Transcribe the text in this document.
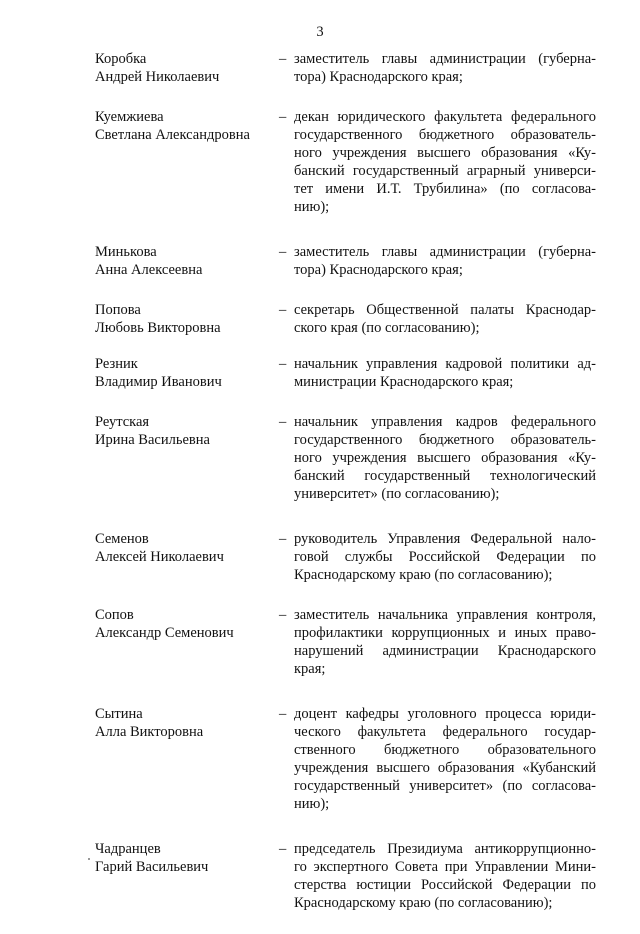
3
Коробка
Андрей Николаевич
– заместитель главы администрации (губерна-
тора) Краснодарского края;
Куемжиева
Светлана Александровна
– декан юридического факультета федерального
государственного бюджетного образователь-
ного учреждения высшего образования «Ку-
банский государственный аграрный универси-
тет имени И.Т. Трубилина» (по согласова-
нию);
Минькова
Анна Алексеевна
– заместитель главы администрации (губерна-
тора) Краснодарского края;
Попова
Любовь Викторовна
– секретарь Общественной палаты Краснодар-
ского края (по согласованию);
Резник
Владимир Иванович
– начальник управления кадровой политики ад-
министрации Краснодарского края;
Реутская
Ирина Васильевна
– начальник управления кадров федерального
государственного бюджетного образователь-
ного учреждения высшего образования «Ку-
банский государственный технологический
университет» (по согласованию);
Семенов
Алексей Николаевич
– руководитель Управления Федеральной нало-
говой службы Российской Федерации по
Краснодарскому краю (по согласованию);
Сопов
Александр Семенович
– заместитель начальника управления контроля,
профилактики коррупционных и иных право-
нарушений администрации Краснодарского
края;
Сытина
Алла Викторовна
– доцент кафедры уголовного процесса юриди-
ческого факультета федерального государ-
ственного бюджетного образовательного
учреждения высшего образования «Кубанский
государственный университет» (по согласова-
нию);
Чадранцев
Гарий Васильевич
– председатель Президиума антикоррупционно-
го экспертного Совета при Управлении Мини-
стерства юстиции Российской Федерации по
Краснодарскому краю (по согласованию);
